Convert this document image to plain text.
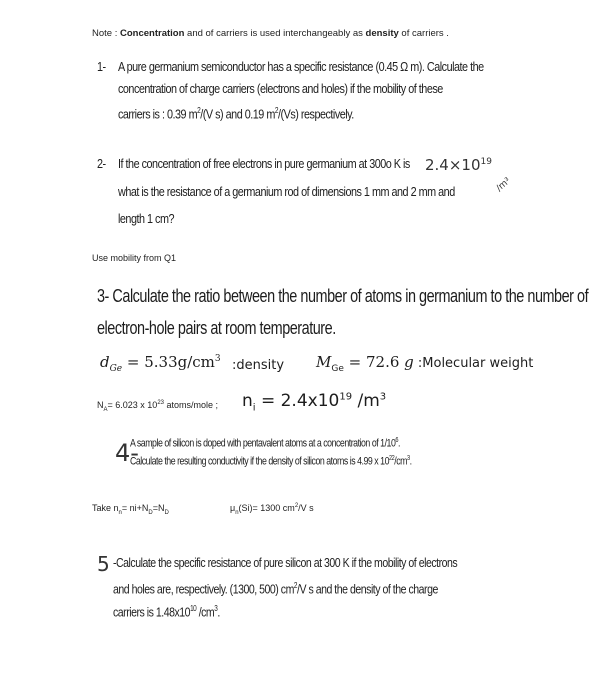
Note : Concentration and of carriers is used interchangeably as density of carriers .
1- A pure germanium semiconductor has a specific resistance (0.45 Ω m). Calculate the
concentration of charge carriers (electrons and holes) if the mobility of these
carriers is : 0.39 $m^2/(V$ s) and 0.19 $m^2/(Vs)$ respectively.
2- If the concentration of free electrons in pure germanium at 300o K is $2.4\times 10^{19}$
/m³
what is the resistance of a germanium rod of dimensions 1 mm and 2 mm and
length 1 cm?
Use mobility from Q1
3- Calculate the ratio between the number of atoms in germanium to the number of
electron-hole pairs at room temperature.
$d_{Ge} = 5.33g/cm^3$ :density $M_{Ge} = 72.6$ g :Molecular weight
$N_A= 6.023$ x $10^{23}$ atoms/mole ; $n_i = 2.4x10^{19}$ $/m^3$
4-
A sample of silicon is doped with pentavalent atoms at a concentration of $1/10^6$.
Calculate the resulting conductivity if the density of silicon atoms is 4.99 x $10^{22}/cm^3$.
Take $n_n= ni+N_D=N_D$	$\mu_n(Si)= 1300$ $cm^2/V$ s
5 -Calculate the specific resistance of pure silicon at 300 K if the mobility of electrons
and holes are, respectively. (1300, 500) $cm^2/V$ s and the density of the charge
carriers is $1.48x10^{10}$ $/cm^3$.
